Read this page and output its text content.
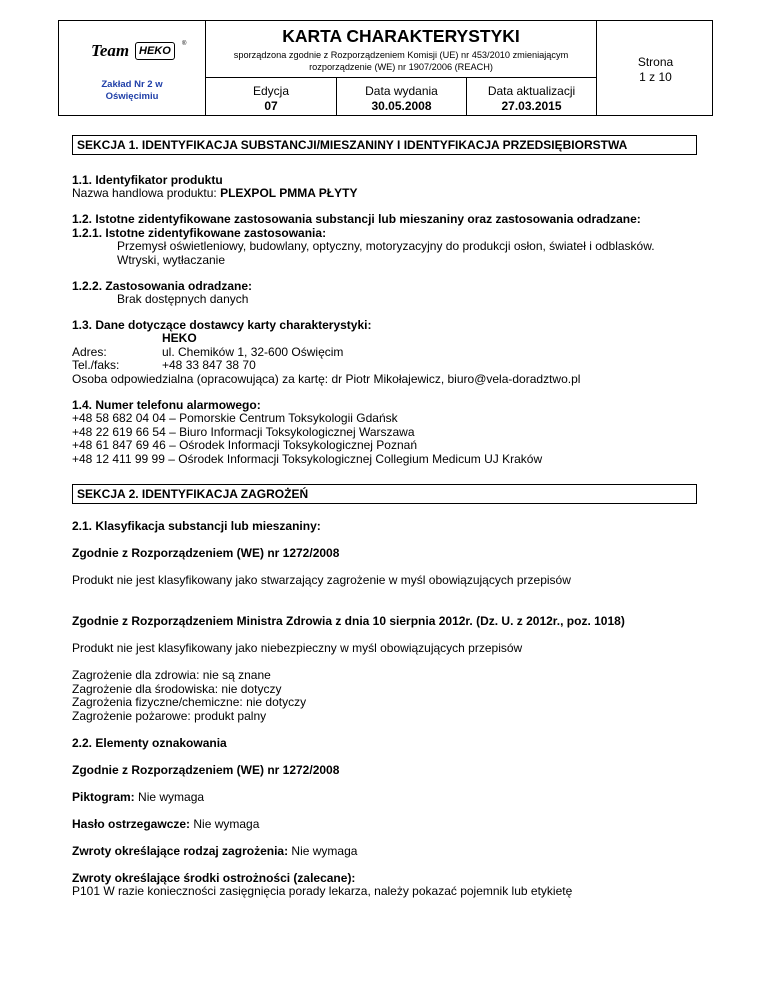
Team HEKO
®
Zakład Nr 2 w
Oświęcimiu
KARTA CHARAKTERYSTYKI
sporządzona zgodnie z Rozporządzeniem Komisji (UE) nr 453/2010 zmieniającym
rozporządzenie (WE) nr 1907/2006 (REACH)
Edycja
07
Data wydania
30.05.2008
Data aktualizacji
27.03.2015
Strona
1 z 10
SEKCJA 1. IDENTYFIKACJA SUBSTANCJI/MIESZANINY I IDENTYFIKACJA PRZEDSIĘBIORSTWA
1.1. Identyfikator produktu
Nazwa handlowa produktu: PLEXPOL PMMA PŁYTY
1.2. Istotne zidentyfikowane zastosowania substancji lub mieszaniny oraz zastosowania odradzane:
1.2.1. Istotne zidentyfikowane zastosowania:
Przemysł oświetleniowy, budowlany, optyczny, motoryzacyjny do produkcji osłon, świateł i odblasków.
Wtryski, wytłaczanie
1.2.2. Zastosowania odradzane:
Brak dostępnych danych
1.3. Dane dotyczące dostawcy karty charakterystyki:
HEKO
Adres:	ul. Chemików 1, 32-600 Oświęcim
Tel./faks:	+48 33 847 38 70
Osoba odpowiedzialna (opracowująca) za kartę: dr Piotr Mikołajewicz, biuro@vela-doradztwo.pl
1.4. Numer telefonu alarmowego:
+48 58 682 04 04 – Pomorskie Centrum Toksykologii Gdańsk
+48 22 619 66 54 – Biuro Informacji Toksykologicznej Warszawa
+48 61 847 69 46 – Ośrodek Informacji Toksykologicznej Poznań
+48 12 411 99 99 – Ośrodek Informacji Toksykologicznej Collegium Medicum UJ Kraków
SEKCJA 2. IDENTYFIKACJA ZAGROŻEŃ
2.1. Klasyfikacja substancji lub mieszaniny:
Zgodnie z Rozporządzeniem (WE) nr 1272/2008
Produkt nie jest klasyfikowany jako stwarzający zagrożenie w myśl obowiązujących przepisów
Zgodnie z Rozporządzeniem Ministra Zdrowia z dnia 10 sierpnia 2012r. (Dz. U. z 2012r., poz. 1018)
Produkt nie jest klasyfikowany jako niebezpieczny w myśl obowiązujących przepisów
Zagrożenie dla zdrowia: nie są znane
Zagrożenie dla środowiska: nie dotyczy
Zagrożenia fizyczne/chemiczne: nie dotyczy
Zagrożenie pożarowe: produkt palny
2.2. Elementy oznakowania
Zgodnie z Rozporządzeniem (WE) nr 1272/2008
Piktogram: Nie wymaga
Hasło ostrzegawcze: Nie wymaga
Zwroty określające rodzaj zagrożenia: Nie wymaga
Zwroty określające środki ostrożności (zalecane):
P101 W razie konieczności zasięgnięcia porady lekarza, należy pokazać pojemnik lub etykietę
